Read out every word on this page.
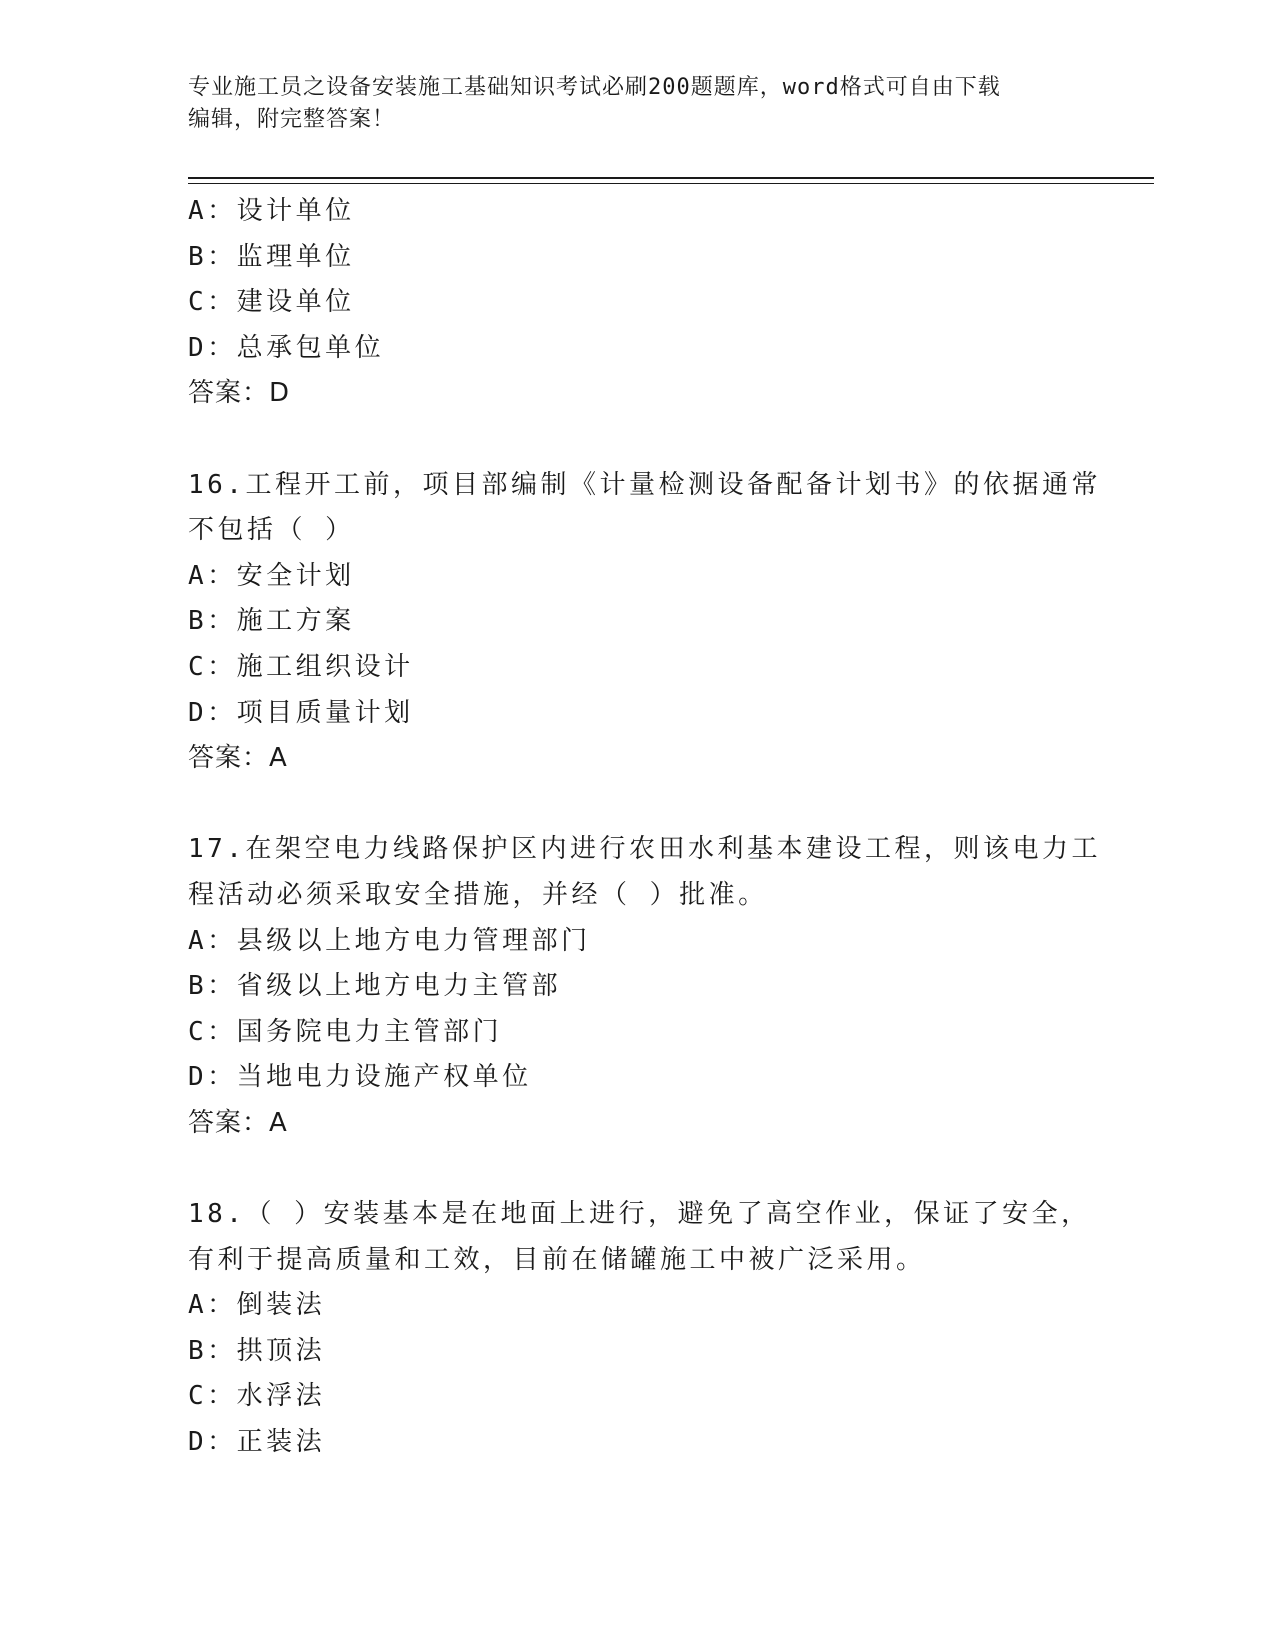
专业施工员之设备安装施工基础知识考试必刷200题题库，word格式可自由下载
编辑，附完整答案！
A：设计单位
B：监理单位
C：建设单位
D：总承包单位
答案：D
16.工程开工前，项目部编制《计量检测设备配备计划书》的依据通常
不包括（ ）
A：安全计划
B：施工方案
C：施工组织设计
D：项目质量计划
答案：A
17.在架空电力线路保护区内进行农田水利基本建设工程，则该电力工
程活动必须采取安全措施，并经（ ）批准。
A：县级以上地方电力管理部门
B：省级以上地方电力主管部
C：国务院电力主管部门
D：当地电力设施产权单位
答案：A
18.（ ）安装基本是在地面上进行，避免了高空作业，保证了安全，
有利于提高质量和工效，目前在储罐施工中被广泛采用。
A：倒装法
B：拱顶法
C：水浮法
D：正装法
